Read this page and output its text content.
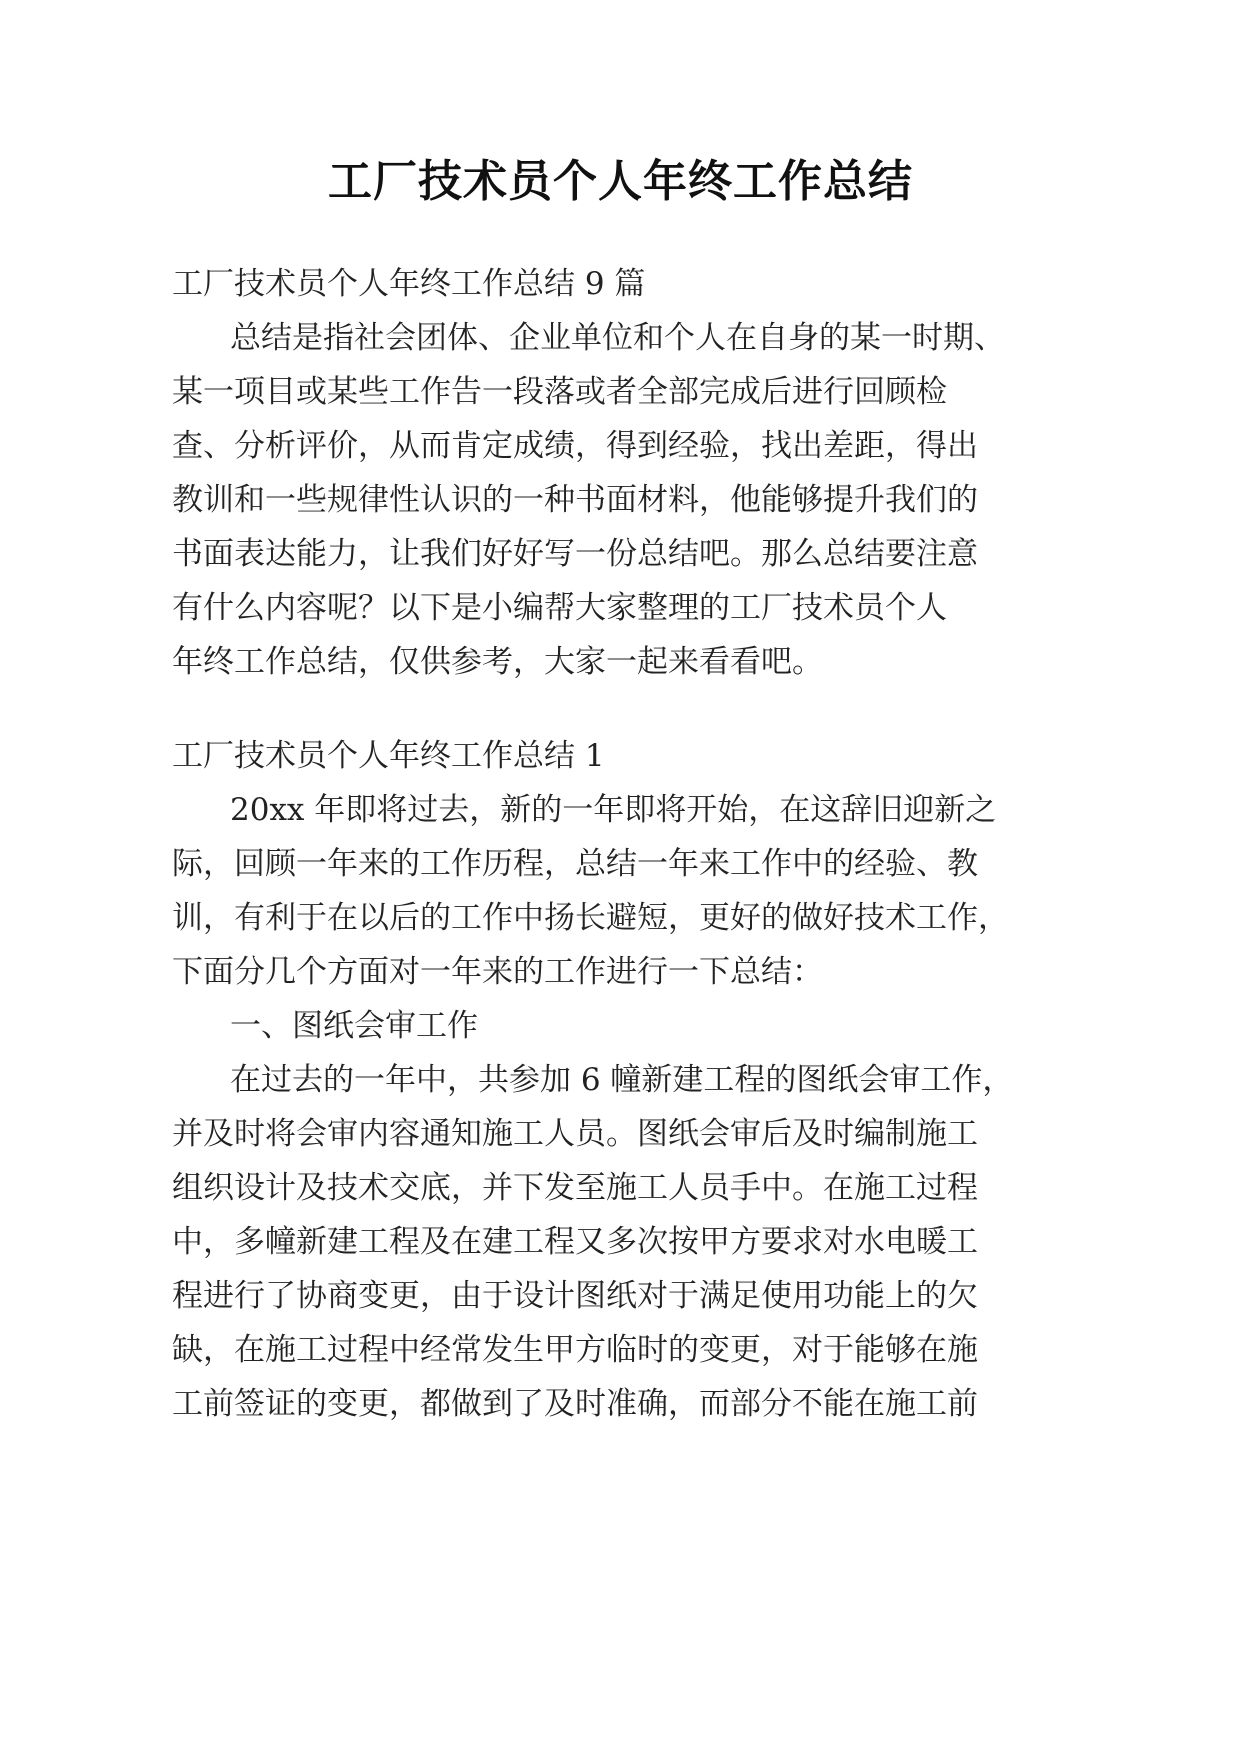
工厂技术员个人年终工作总结
工厂技术员个人年终工作总结 9 篇
总结是指社会团体、企业单位和个人在自身的某一时期、
某一项目或某些工作告一段落或者全部完成后进行回顾检
查、分析评价，从而肯定成绩，得到经验，找出差距，得出
教训和一些规律性认识的一种书面材料，他能够提升我们的
书面表达能力，让我们好好写一份总结吧。那么总结要注意
有什么内容呢？以下是小编帮大家整理的工厂技术员个人
年终工作总结，仅供参考，大家一起来看看吧。
工厂技术员个人年终工作总结 1
20xx 年即将过去，新的一年即将开始，在这辞旧迎新之
际，回顾一年来的工作历程，总结一年来工作中的经验、教
训，有利于在以后的工作中扬长避短，更好的做好技术工作，
下面分几个方面对一年来的工作进行一下总结：
一、图纸会审工作
在过去的一年中，共参加 6 幢新建工程的图纸会审工作，
并及时将会审内容通知施工人员。图纸会审后及时编制施工
组织设计及技术交底，并下发至施工人员手中。在施工过程
中，多幢新建工程及在建工程又多次按甲方要求对水电暖工
程进行了协商变更，由于设计图纸对于满足使用功能上的欠
缺，在施工过程中经常发生甲方临时的变更，对于能够在施
工前签证的变更，都做到了及时准确，而部分不能在施工前
